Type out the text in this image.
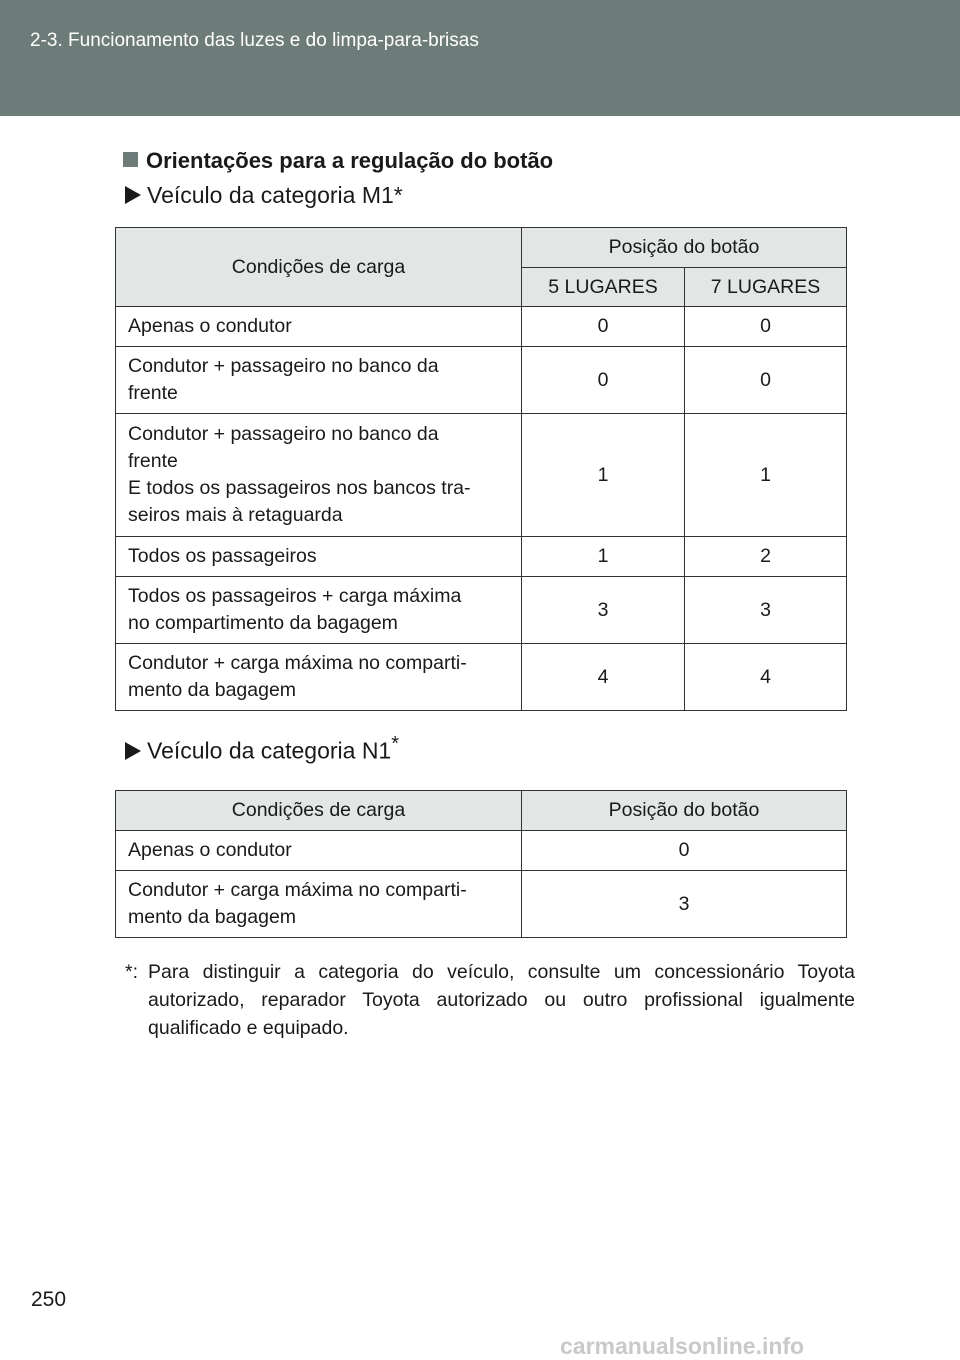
2-3. Funcionamento das luzes e do limpa-para-brisas
Orientações para a regulação do botão
Veículo da categoria M1*
Condições de carga	Posição do botão	
	5 LUGARES	7 LUGARES
Apenas o condutor	0	0
Condutor + passageiro no banco da
frente	0	0
Condutor + passageiro no banco da
frente
E todos os passageiros nos bancos tra-
seiros mais à retaguarda	1	1
Todos os passageiros	1	2
Todos os passageiros + carga máxima
no compartimento da bagagem	3	3
Condutor + carga máxima no comparti-
mento da bagagem	4	4
Veículo da categoria N1*
Condições de carga	Posição do botão
Apenas o condutor	0
Condutor + carga máxima no comparti-
mento da bagagem	3
*: Para distinguir a categoria do veículo, consulte um concessionário Toyota autorizado, reparador Toyota autorizado ou outro profissional igualmente qualificado e equipado.
250
carmanualsonline.info
